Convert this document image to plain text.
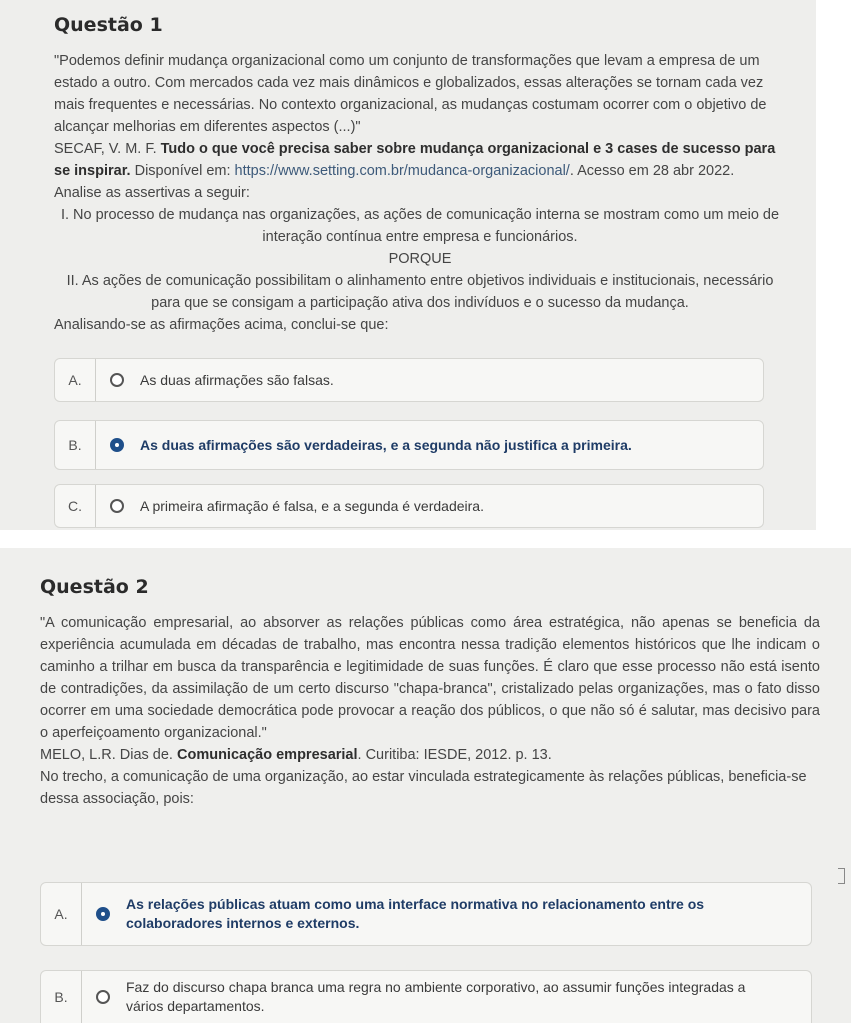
Questão 1

"Podemos definir mudança organizacional como um conjunto de transformações que levam a empresa de um estado a outro. Com mercados cada vez mais dinâmicos e globalizados, essas alterações se tornam cada vez mais frequentes e necessárias. No contexto organizacional, as mudanças costumam ocorrer com o objetivo de alcançar melhorias em diferentes aspectos (...)"

SECAF, V. M. F. Tudo o que você precisa saber sobre mudança organizacional e 3 cases de sucesso para se inspirar. Disponível em: https://www.setting.com.br/mudanca-organizacional/. Acesso em 28 abr 2022.

Analise as assertivas a seguir:

I. No processo de mudança nas organizações, as ações de comunicação interna se mostram como um meio de interação contínua entre empresa e funcionários.

PORQUE

II. As ações de comunicação possibilitam o alinhamento entre objetivos individuais e institucionais, necessário para que se consigam a participação ativa dos indivíduos e o sucesso da mudança.

Analisando-se as afirmações acima, conclui-se que:

A.	As duas afirmações são falsas.
B.	As duas afirmações são verdadeiras, e a segunda não justifica a primeira.
C.	A primeira afirmação é falsa, e a segunda é verdadeira.
Questão 2

"A comunicação empresarial, ao absorver as relações públicas como área estratégica, não apenas se beneficia da experiência acumulada em décadas de trabalho, mas encontra nessa tradição elementos históricos que lhe indicam o caminho a trilhar em busca da transparência e legitimidade de suas funções. É claro que esse processo não está isento de contradições, da assimilação de um certo discurso "chapa-branca", cristalizado pelas organizações, mas o fato disso ocorrer em uma sociedade democrática pode provocar a reação dos públicos, o que não só é salutar, mas decisivo para o aperfeiçoamento organizacional."

MELO, L.R. Dias de. Comunicação empresarial. Curitiba: IESDE, 2012. p. 13.

No trecho, a comunicação de uma organização, ao estar vinculada estrategicamente às relações públicas, beneficia-se dessa associação, pois:

A.
As relações públicas atuam como uma interface normativa no relacionamento entre os colaboradores internos e externos.
B.
Faz do discurso chapa branca uma regra no ambiente corporativo, ao assumir funções integradas a vários departamentos.
